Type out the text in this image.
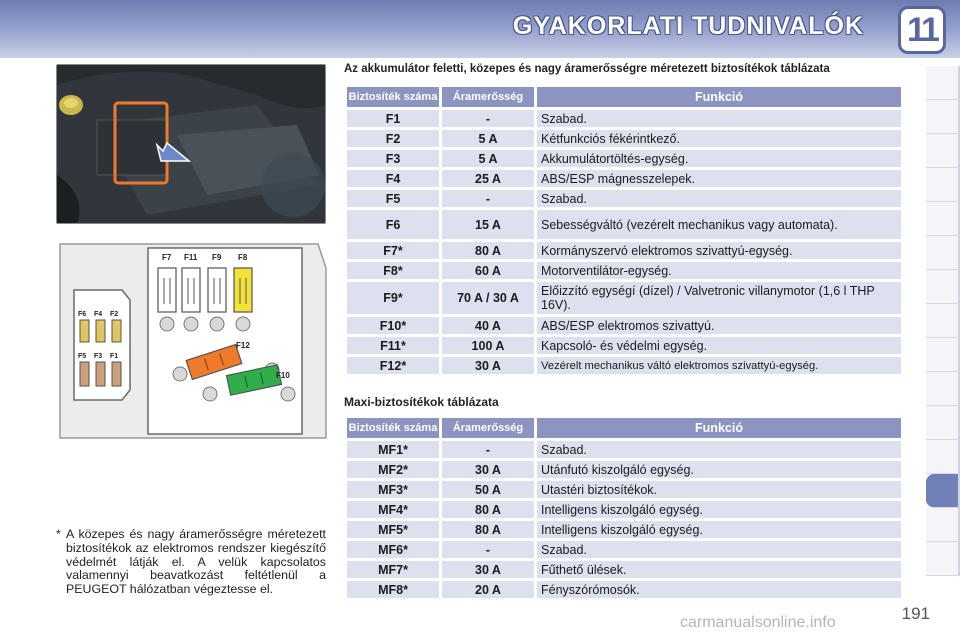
GYAKORLATI TUDNIVALÓK 11
F7 F11 F9 F8
F12
F10
F6 F4 F2
F5 F3 F1
Az akkumulátor feletti, közepes és nagy áramerősségre méretezett biztosítékok táblázata
Biztosíték száma	Áramerősség	Funkció
F1	-	Szabad.
F2	5 A	Kétfunkciós fékérintkező.
F3	5 A	Akkumulátortöltés-egység.
F4	25 A	ABS/ESP mágnesszelepek.
F5	-	Szabad.
F6	15 A	Sebességváltó (vezérelt mechanikus vagy automata).
F7*	80 A	Kormányszervó elektromos szivattyú-egység.
F8*	60 A	Motorventilátor-egység.
F9*	70 A / 30 A	Előizzító egységí (dízel) / Valvetronic villanymotor (1,6 l THP 16V).
F10*	40 A	ABS/ESP elektromos szivattyú.
F11*	100 A	Kapcsoló- és védelmi egység.
F12*	30 A	Vezérelt mechanikus váltó elektromos szivattyú-egység.
Maxi-biztosítékok táblázata
Biztosíték száma	Áramerősség	Funkció
MF1*	-	Szabad.
MF2*	30 A	Utánfutó kiszolgáló egység.
MF3*	50 A	Utastéri biztosítékok.
MF4*	80 A	Intelligens kiszolgáló egység.
MF5*	80 A	Intelligens kiszolgáló egység.
MF6*	-	Szabad.
MF7*	30 A	Fűthető ülések.
MF8*	20 A	Fényszórómosók.
* A közepes és nagy áramerősségre méretezett biztosítékok az elektromos rendszer kiegészítő védelmét látják el. A velük kapcsolatos valamennyi beavatkozást feltétlenül a PEUGEOT hálózatban végeztesse el.
191
carmanualsonline.info
